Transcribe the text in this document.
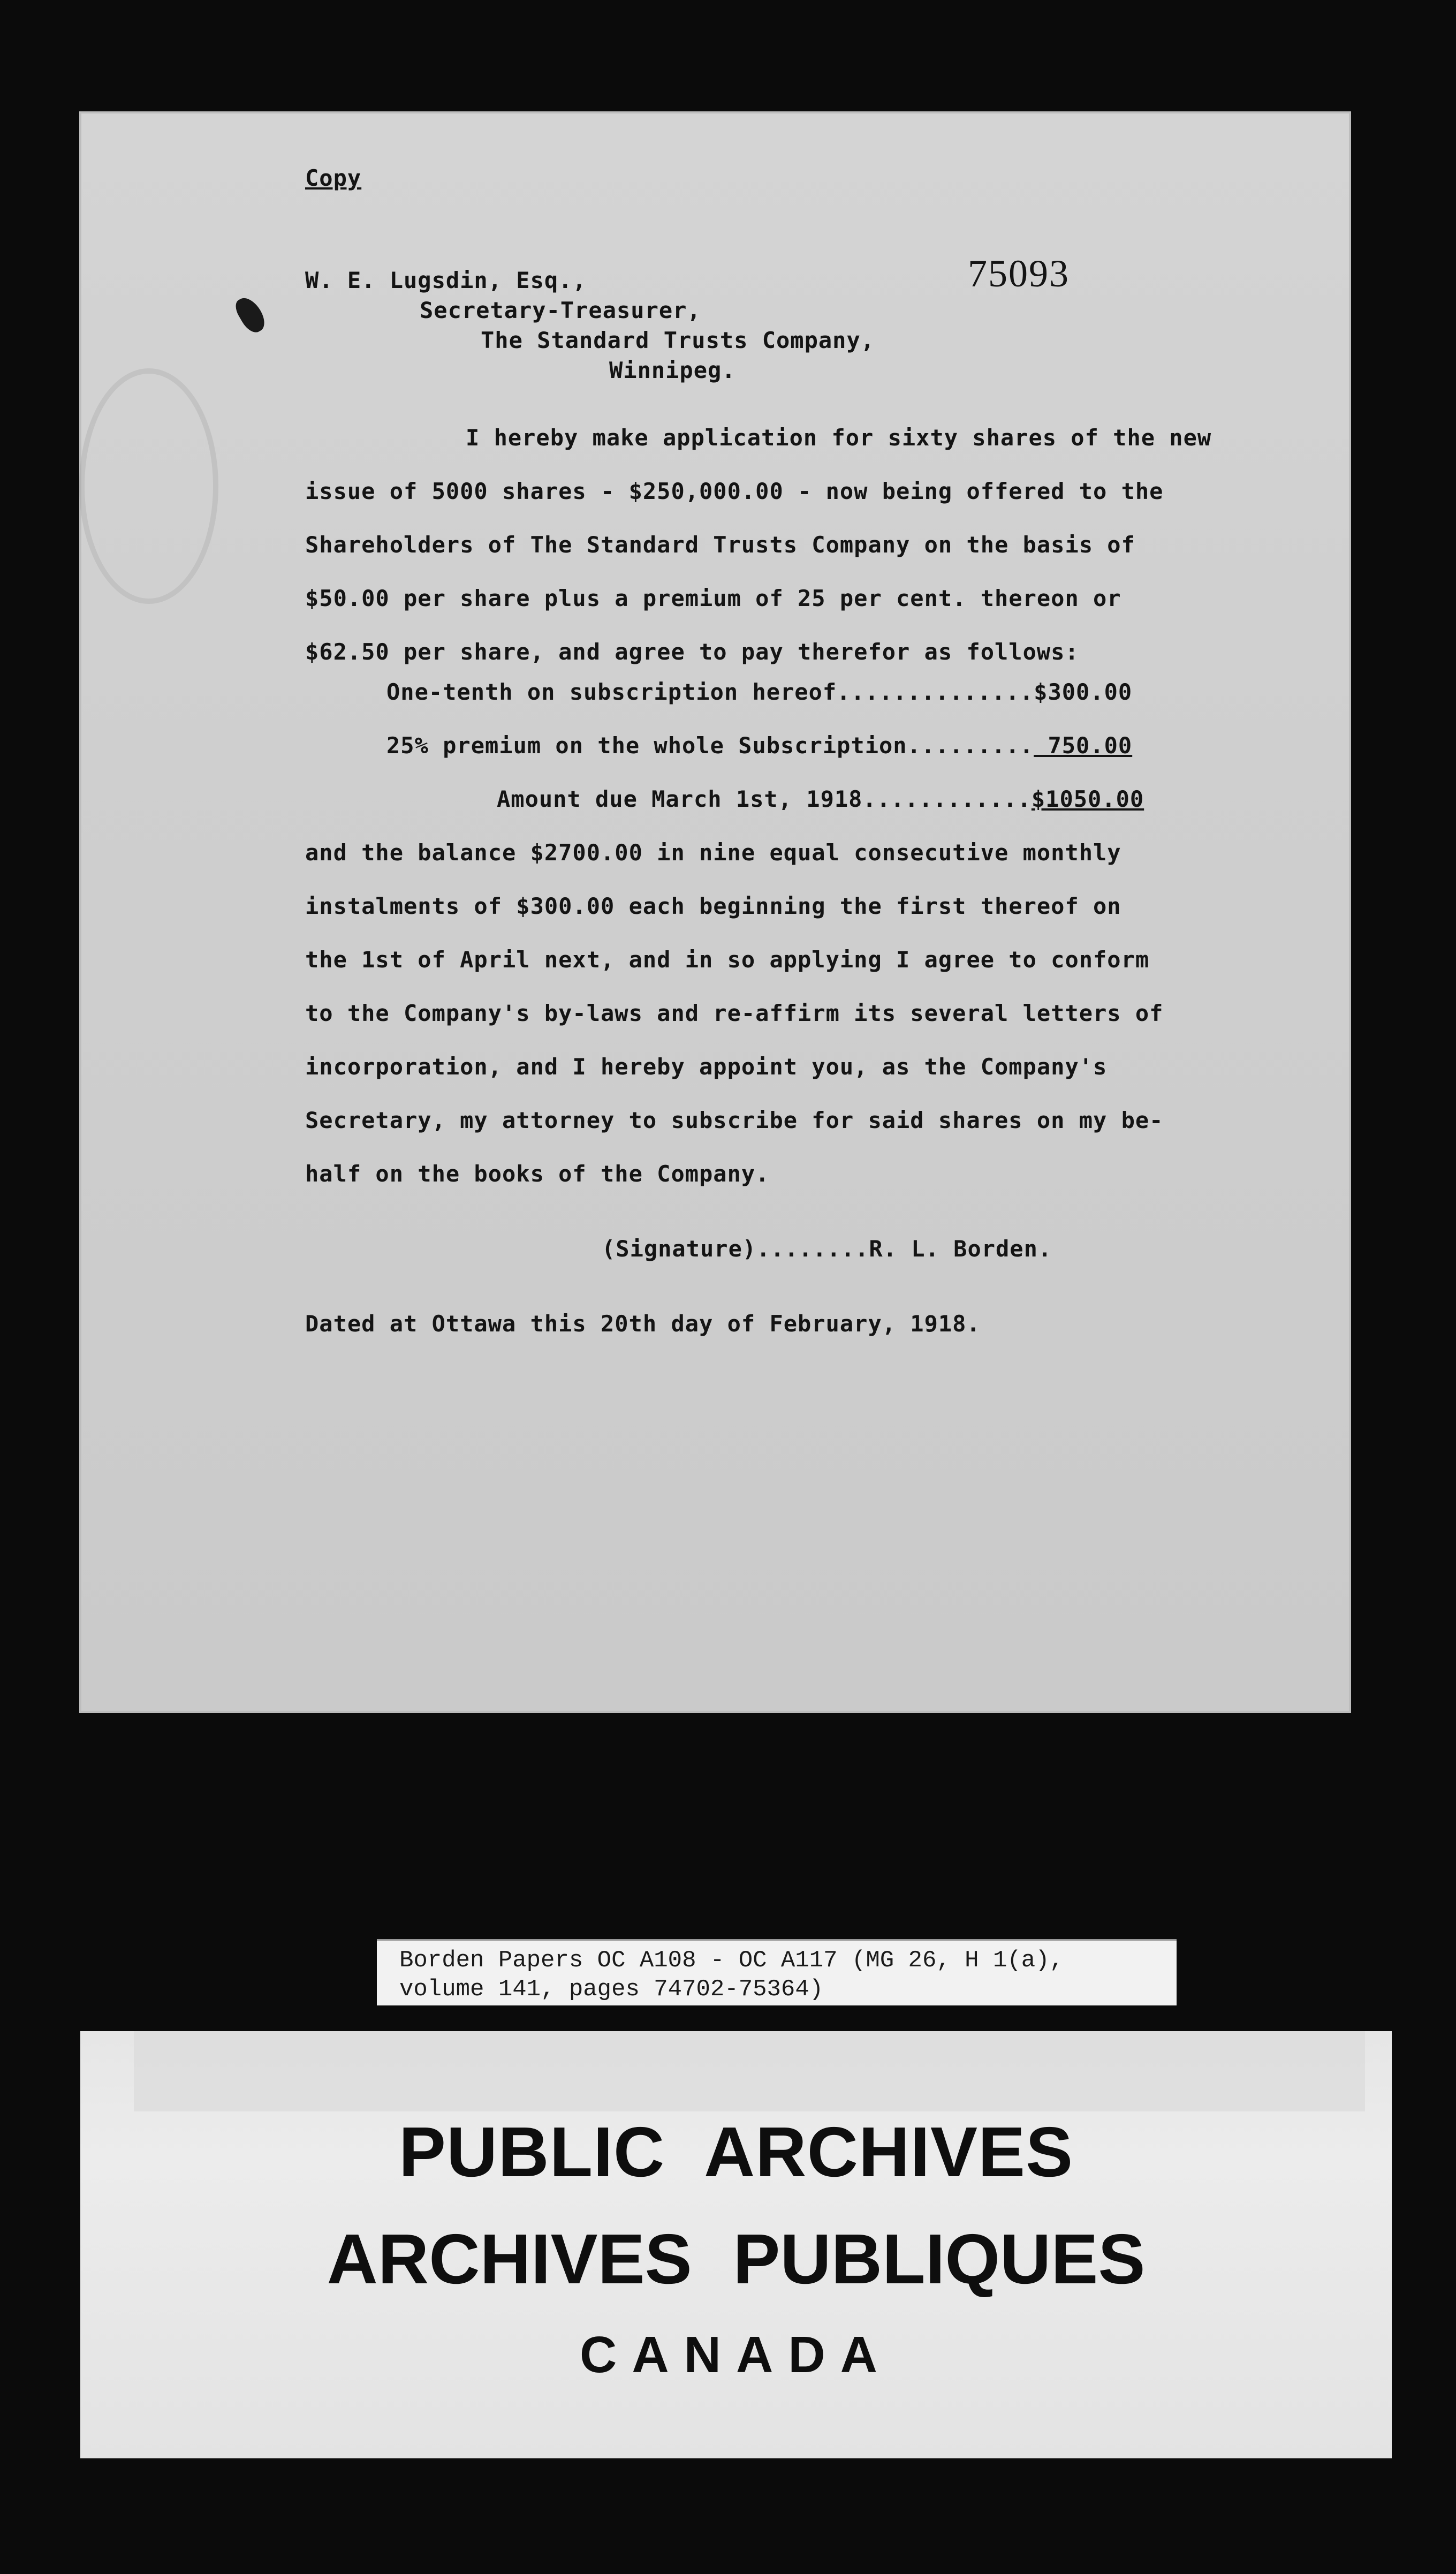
Copy
75093
W. E. Lugsdin, Esq.,
Secretary-Treasurer,
The Standard Trusts Company,
Winnipeg.
I hereby make application for sixty shares of the new
issue of 5000 shares - $250,000.00 - now being offered to the
Shareholders of The Standard Trusts Company on the basis of
$50.00 per share plus a premium of 25 per cent. thereon or
$62.50 per share, and agree to pay therefor as follows:
One-tenth on subscription hereof..............$300.00
25% premium on the whole Subscription......... 750.00
Amount due March 1st, 1918............$1050.00
and the balance $2700.00 in nine equal consecutive monthly
instalments of $300.00 each beginning the first thereof on
the 1st of April next, and in so applying I agree to conform
to the Company's by-laws and re-affirm its several letters of
incorporation, and I hereby appoint you, as the Company's
Secretary, my attorney to subscribe for said shares on my be-
half on the books of the Company.
(Signature)........R. L. Borden.
Dated at Ottawa this 20th day of February, 1918.
Borden Papers OC A108 - OC A117 (MG 26, H 1(a),
volume 141, pages 74702-75364)
PUBLIC ARCHIVES
ARCHIVES PUBLIQUES
CANADA
